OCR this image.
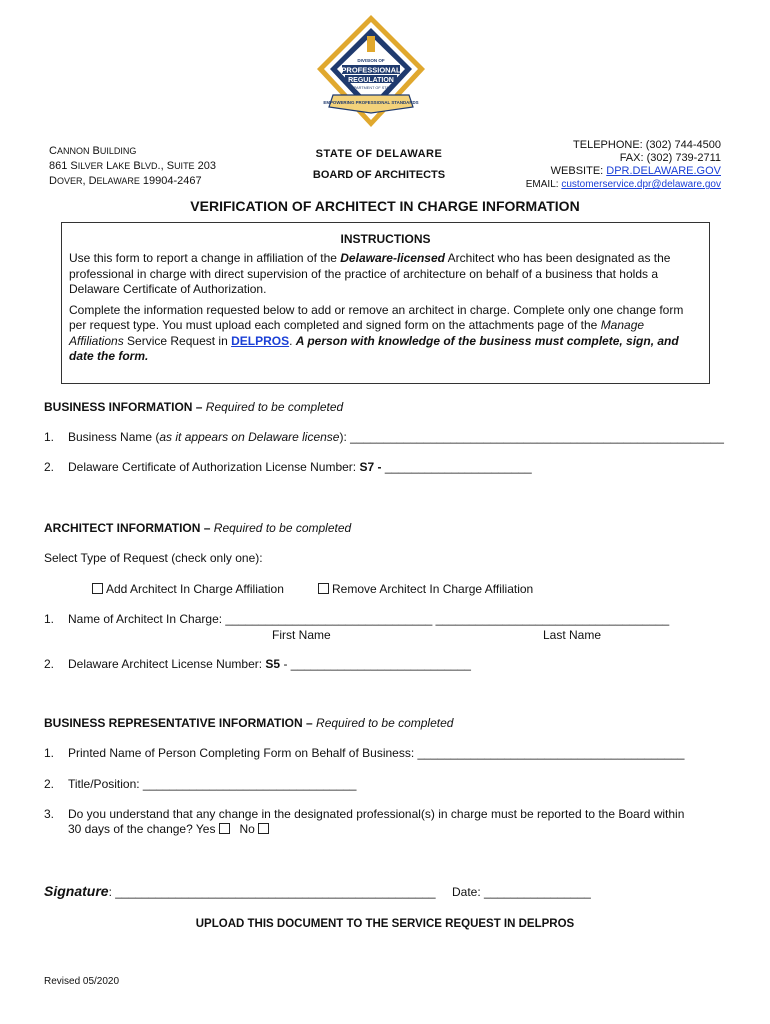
DIVISION OF
PROFESSIONAL
REGULATION
DEPARTMENT OF STATE
EMPOWERING PROFESSIONAL STANDARDS
CANNON BUILDING
861 SILVER LAKE BLVD., SUITE 203
DOVER, DELAWARE 19904-2467
STATE OF DELAWARE
BOARD OF ARCHITECTS
TELEPHONE: (302) 744-4500
FAX: (302) 739-2711
WEBSITE: DPR.DELAWARE.GOV
EMAIL: customerservice.dpr@delaware.gov
VERIFICATION OF ARCHITECT IN CHARGE INFORMATION
INSTRUCTIONS
Use this form to report a change in affiliation of the Delaware-licensed Architect who has been designated as the professional in charge with direct supervision of the practice of architecture on behalf of a business that holds a Delaware Certificate of Authorization.
Complete the information requested below to add or remove an architect in charge. Complete only one change form per request type. You must upload each completed and signed form on the attachments page of the Manage Affiliations Service Request in DELPROS. A person with knowledge of the business must complete, sign, and date the form.
BUSINESS INFORMATION – Required to be completed
1. Business Name (as it appears on Delaware license): ________________________________________________________
2. Delaware Certificate of Authorization License Number: S7 - ______________________
ARCHITECT INFORMATION – Required to be completed
Select Type of Request (check only one):
Add Architect In Charge Affiliation	Remove Architect In Charge Affiliation
1. Name of Architect In Charge: _______________________________ ___________________________________
First Name	Last Name
2. Delaware Architect License Number: S5 - ___________________________
BUSINESS REPRESENTATIVE INFORMATION – Required to be completed
1. Printed Name of Person Completing Form on Behalf of Business: ________________________________________
2. Title/Position: ________________________________
3. Do you understand that any change in the designated professional(s) in charge must be reported to the Board within
30 days of the change? Yes No
Signature: ________________________________________________ Date: ________________
UPLOAD THIS DOCUMENT TO THE SERVICE REQUEST IN DELPROS
Revised 05/2020
